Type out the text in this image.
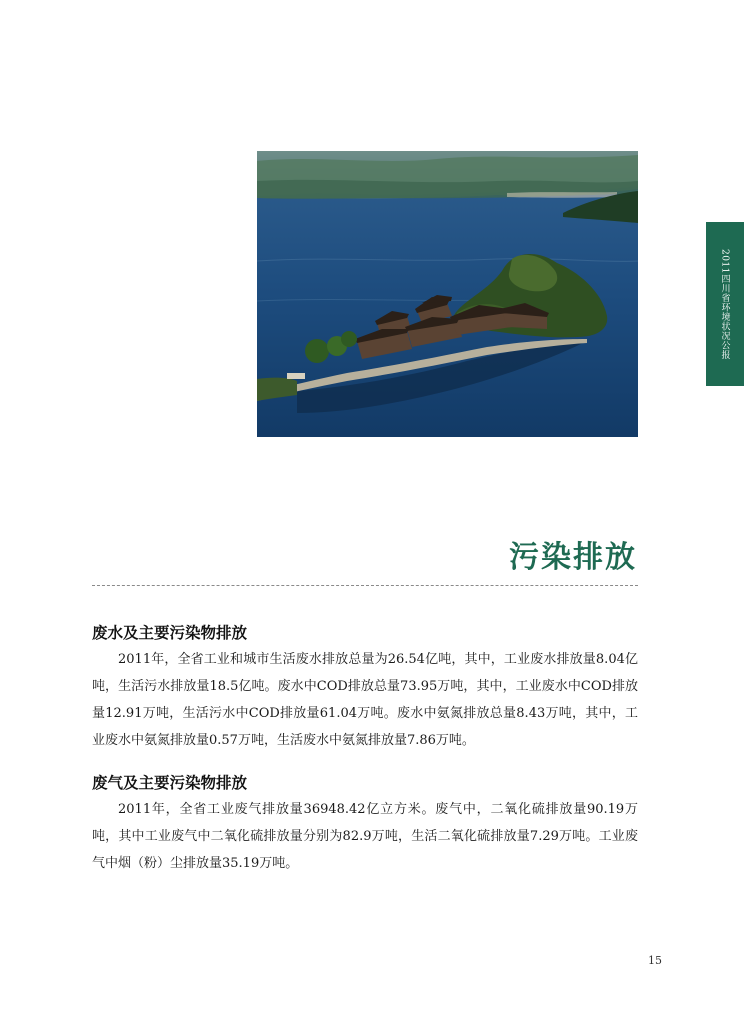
2011四川省环境状况公报
污染排放
废水及主要污染物排放

2011年，全省工业和城市生活废水排放总量为26.54亿吨，其中，工业废水排放量8.04亿吨，生活污水排放量18.5亿吨。废水中COD排放总量73.95万吨，其中，工业废水中COD排放量12.91万吨，生活污水中COD排放量61.04万吨。废水中氨氮排放总量8.43万吨，其中，工业废水中氨氮排放量0.57万吨，生活废水中氨氮排放量7.86万吨。

废气及主要污染物排放

2011年，全省工业废气排放量36948.42亿立方米。废气中，二氧化硫排放量90.19万吨，其中工业废气中二氧化硫排放量分别为82.9万吨，生活二氧化硫排放量7.29万吨。工业废气中烟（粉）尘排放量35.19万吨。

15
